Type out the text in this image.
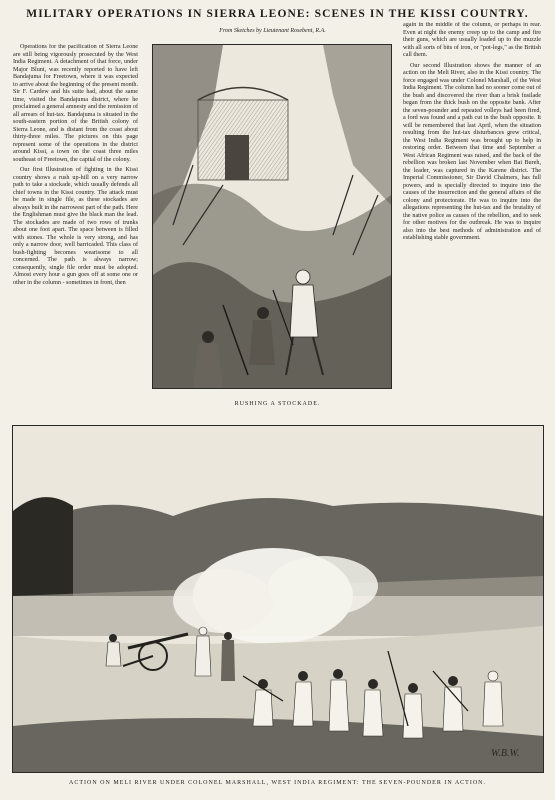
MILITARY OPERATIONS IN SIERRA LEONE: SCENES IN THE KISSI COUNTRY.
From Sketches by Lieutenant Rosebent, R.A.

Operations for the pacification of Sierra Leone are still being vigorously prosecuted by the West India Regiment. A detachment of that force, under Major Blunt, was recently reported to have left Bandajuma for Freetown, where it was expected to arrive about the beginning of the present month. Sir F. Cardew and his suite had, about the same time, visited the Bandajuma district, where he proclaimed a general amnesty and the remission of all arrears of hut-tax. Bandajuma is situated in the south-eastern portion of the British colony of Sierra Leone, and is distant from the coast about thirty-three miles. The pictures on this page represent some of the operations in the district around Kissi, a town on the coast three miles southeast of Freetown, the capital of the colony.

Our first Illustration of fighting in the Kissi country shows a rush up-hill on a very narrow path to take a stockade, which usually defends all chief towns in the Kissi country. The attack must be made in single file, as these stockades are always built in the narrowest part of the path. Here the Englishman must give the black man the lead. The stockades are made of two rows of trunks about one foot apart. The space between is filled with stones. The whole is very strong, and has only a narrow door, well barricaded. This class of bush-fighting becomes wearisome to all concerned. The path is always narrow; consequently, single file order must be adopted. Almost every hour a gun goes off at some one or other in the column - sometimes in front, then

again in the middle of the column, or perhaps in rear. Even at night the enemy creep up to the camp and fire their guns, which are usually loaded up to the muzzle with all sorts of bits of iron, or "pot-legs," as the British call them.

Our second Illustration shows the manner of an action on the Meli River, also in the Kissi country. The force engaged was under Colonel Marshall, of the West India Regiment. The column had no sooner come out of the bush and discovered the river than a brisk fusilade began from the thick bush on the opposite bank. After the seven-pounder and repeated volleys had been fired, a ford was found and a path cut in the bush opposite. It will be remembered that last April, when the situation resulting from the hut-tax disturbances grew critical, the West India Regiment was brought up to help in restoring order. Between that time and September a West African Regiment was raised, and the back of the rebellion was broken last November when Bai Bureh, the leader, was captured in the Karene district. The Imperial Commissioner, Sir David Chalmers, has full powers, and is specially directed to inquire into the causes of the insurrection and the general affairs of the colony and protectorate. He was to inquire into the allegations representing the hut-tax and the brutality of the native police as causes of the rebellion, and to seek for other motives for the outbreak. He was to inquire also into the best methods of administration and of establishing stable government.

RUSHING A STOCKADE.
W.B.W.
ACTION ON MELI RIVER UNDER COLONEL MARSHALL, WEST INDIA REGIMENT: THE SEVEN-POUNDER IN ACTION.
